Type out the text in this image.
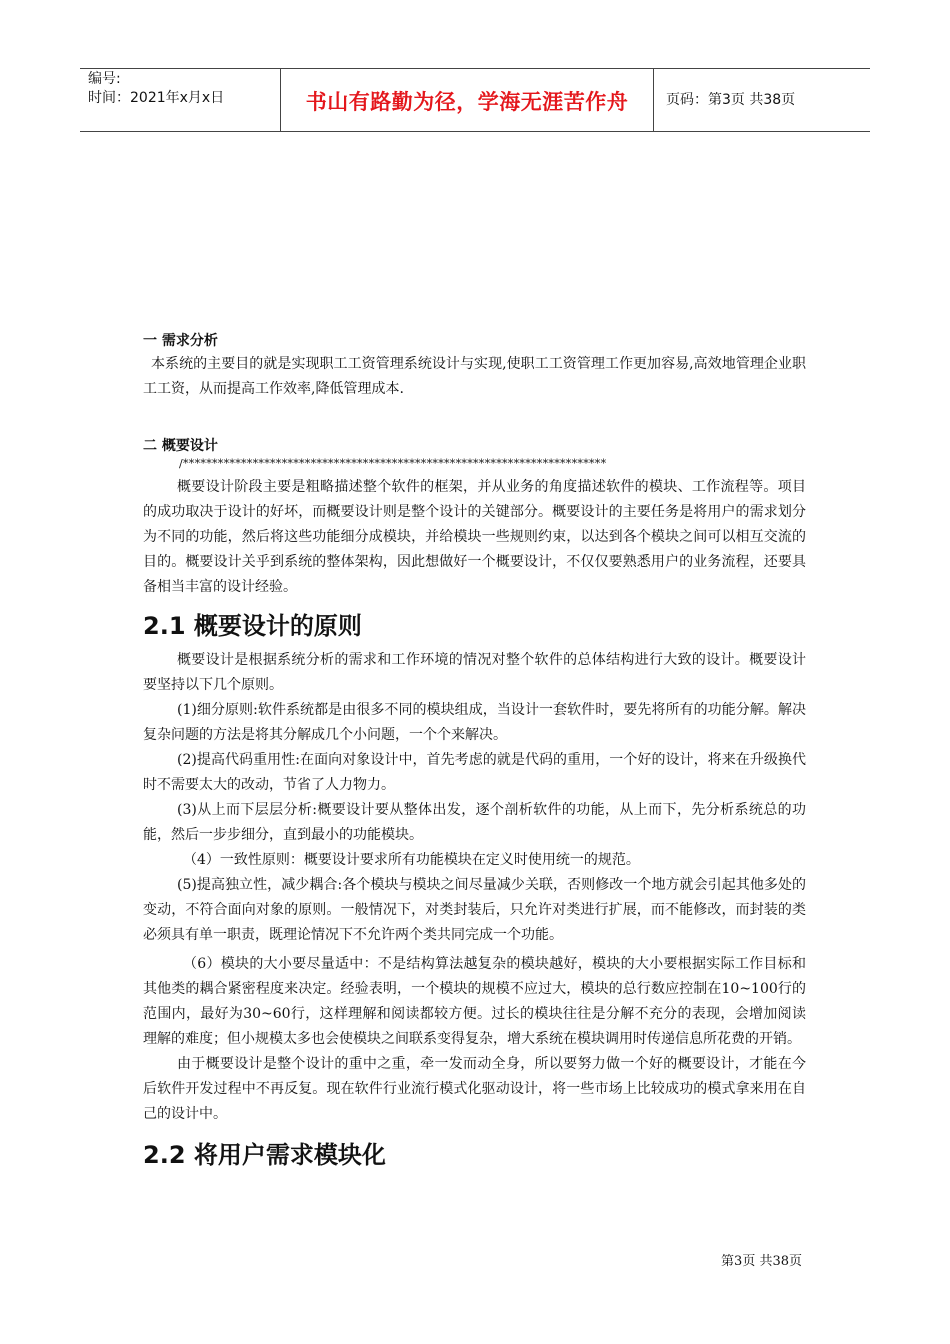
编号:
时间：2021年x月x日	书山有路勤为径，学海无涯苦作舟	页码：第3页 共38页
一 需求分析

本系统的主要目的就是实现职工工资管理系统设计与实现,使职工工资管理工作更加容易,高效地管理企业职工工资，从而提高工作效率,降低管理成本.

二 概要设计
/*************************************************************************

概要设计阶段主要是粗略描述整个软件的框架，并从业务的角度描述软件的模块、工作流程等。项目的成功取决于设计的好坏，而概要设计则是整个设计的关键部分。概要设计的主要任务是将用户的需求划分为不同的功能，然后将这些功能细分成模块，并给模块一些规则约束，以达到各个模块之间可以相互交流的目的。概要设计关乎到系统的整体架构，因此想做好一个概要设计，不仅仅要熟悉用户的业务流程，还要具备相当丰富的设计经验。

2.1 概要设计的原则

概要设计是根据系统分析的需求和工作环境的情况对整个软件的总体结构进行大致的设计。概要设计要坚持以下几个原则。

(1)细分原则:软件系统都是由很多不同的模块组成，当设计一套软件时，要先将所有的功能分解。解决复杂问题的方法是将其分解成几个小问题，一个个来解决。

(2)提高代码重用性:在面向对象设计中，首先考虑的就是代码的重用，一个好的设计，将来在升级换代时不需要太大的改动，节省了人力物力。

(3)从上而下层层分析:概要设计要从整体出发，逐个剖析软件的功能，从上而下，先分析系统总的功能，然后一步步细分，直到最小的功能模块。

（4）一致性原则：概要设计要求所有功能模块在定义时使用统一的规范。

(5)提高独立性，减少耦合:各个模块与模块之间尽量减少关联，否则修改一个地方就会引起其他多处的变动，不符合面向对象的原则。一般情况下，对类封装后，只允许对类进行扩展，而不能修改，而封装的类必须具有单一职责，既理论情况下不允许两个类共同完成一个功能。

（6）模块的大小要尽量适中：不是结构算法越复杂的模块越好，模块的大小要根据实际工作目标和其他类的耦合紧密程度来决定。经验表明，一个模块的规模不应过大，模块的总行数应控制在10~100行的范围内，最好为30~60行，这样理解和阅读都较方便。过长的模块往往是分解不充分的表现，会增加阅读理解的难度；但小规模太多也会使模块之间联系变得复杂，增大系统在模块调用时传递信息所花费的开销。

由于概要设计是整个设计的重中之重，牵一发而动全身，所以要努力做一个好的概要设计，才能在今后软件开发过程中不再反复。现在软件行业流行模式化驱动设计，将一些市场上比较成功的模式拿来用在自己的设计中。

2.2 将用户需求模块化
第3页 共38页
